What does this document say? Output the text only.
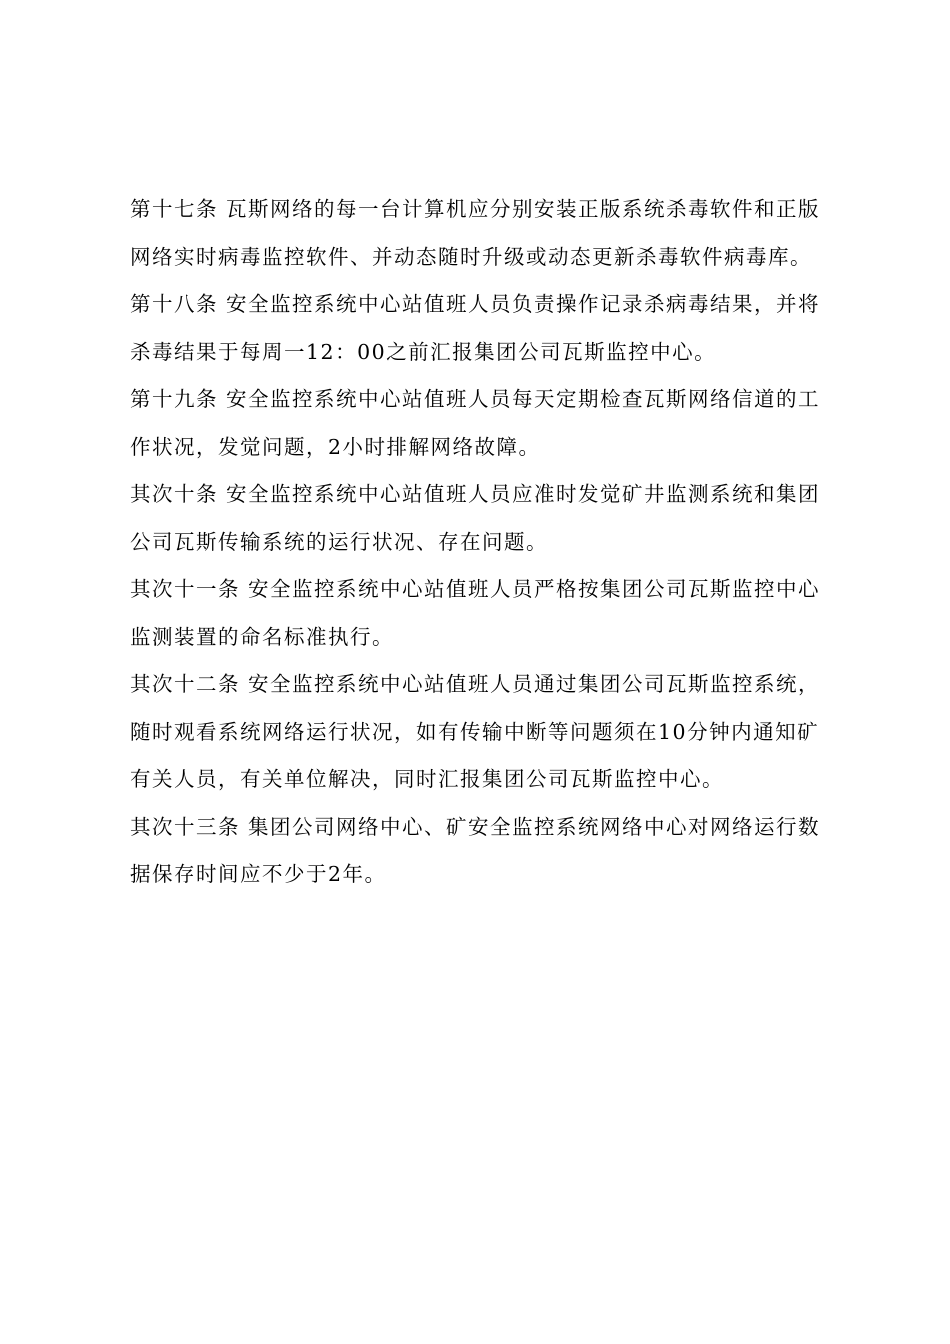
第十七条 瓦斯网络的每一台计算机应分别安装正版系统杀毒软件和正版
网络实时病毒监控软件、并动态随时升级或动态更新杀毒软件病毒库。

第十八条 安全监控系统中心站值班人员负责操作记录杀病毒结果，并将
杀毒结果于每周一12：00之前汇报集团公司瓦斯监控中心。

第十九条 安全监控系统中心站值班人员每天定期检查瓦斯网络信道的工
作状况，发觉问题，2小时排解网络故障。

其次十条 安全监控系统中心站值班人员应准时发觉矿井监测系统和集团
公司瓦斯传输系统的运行状况、存在问题。

其次十一条 安全监控系统中心站值班人员严格按集团公司瓦斯监控中心
监测装置的命名标准执行。

其次十二条 安全监控系统中心站值班人员通过集团公司瓦斯监控系统，
随时观看系统网络运行状况，如有传输中断等问题须在10分钟内通知矿
有关人员，有关单位解决，同时汇报集团公司瓦斯监控中心。

其次十三条 集团公司网络中心、矿安全监控系统网络中心对网络运行数
据保存时间应不少于2年。
